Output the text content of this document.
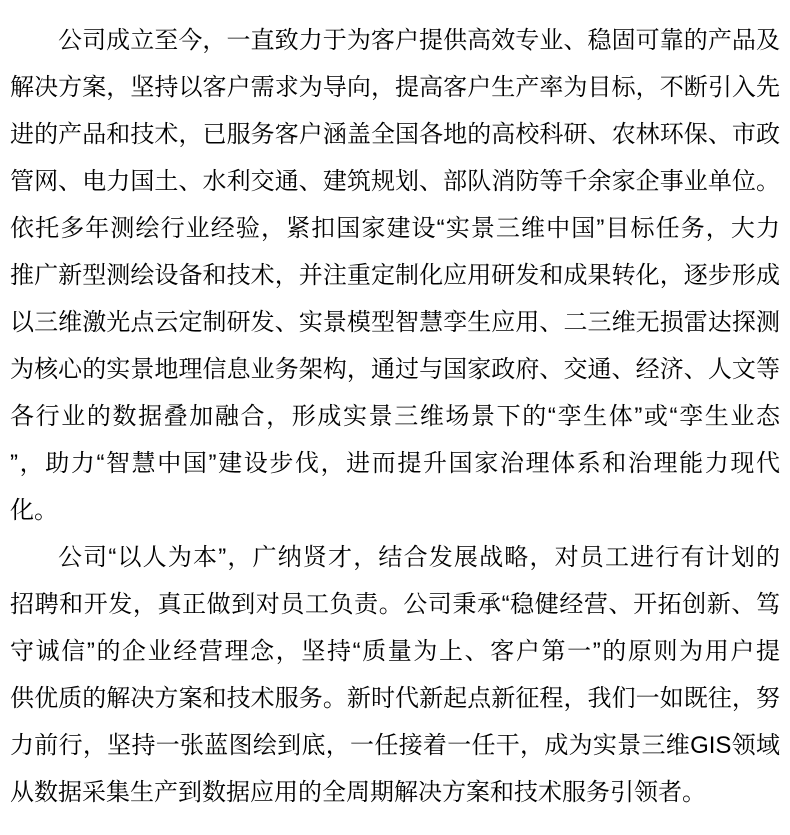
公司成立至今，一直致力于为客户提供高效专业、稳固可靠的产品及
解决方案，坚持以客户需求为导向，提高客户生产率为目标，不断引入先
进的产品和技术，已服务客户涵盖全国各地的高校科研、农林环保、市政
管网、电力国土、水利交通、建筑规划、部队消防等千余家企事业单位。
依托多年测绘行业经验，紧扣国家建设“实景三维中国”目标任务，大力
推广新型测绘设备和技术，并注重定制化应用研发和成果转化，逐步形成
以三维激光点云定制研发、实景模型智慧孪生应用、二三维无损雷达探测
为核心的实景地理信息业务架构，通过与国家政府、交通、经济、人文等
各行业的数据叠加融合，形成实景三维场景下的“孪生体”或“孪生业态
”，助力“智慧中国”建设步伐，进而提升国家治理体系和治理能力现代
化。
公司“以人为本”，广纳贤才，结合发展战略，对员工进行有计划的
招聘和开发，真正做到对员工负责。公司秉承“稳健经营、开拓创新、笃
守诚信”的企业经营理念，坚持“质量为上、客户第一”的原则为用户提
供优质的解决方案和技术服务。新时代新起点新征程，我们一如既往，努
力前行，坚持一张蓝图绘到底，一任接着一任干，成为实景三维GIS领域
从数据采集生产到数据应用的全周期解决方案和技术服务引领者。
